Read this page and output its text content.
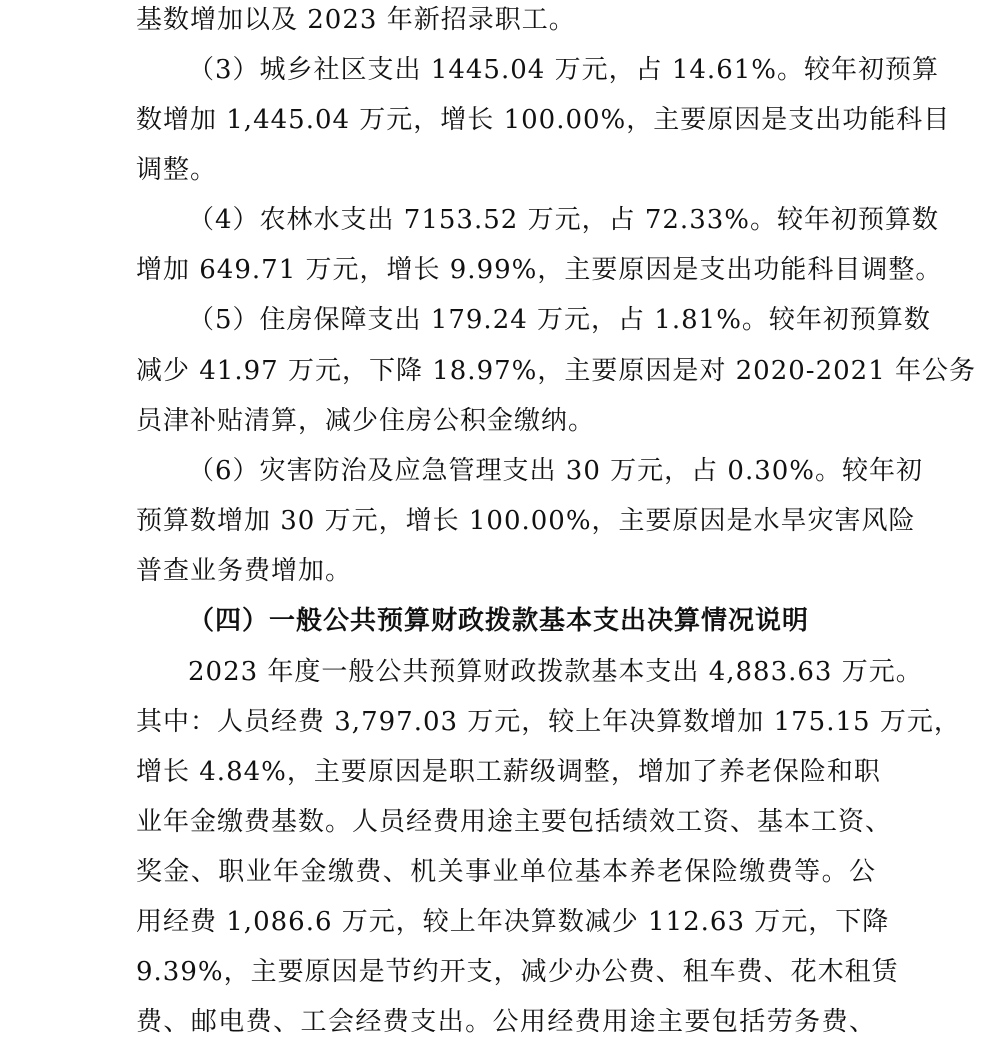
基数增加以及 2023 年新招录职工。
（3）城乡社区支出 1445.04 万元，占 14.61%。较年初预算
数增加 1,445.04 万元，增长 100.00%，主要原因是支出功能科目
调整。
（4）农林水支出 7153.52 万元，占 72.33%。较年初预算数
增加 649.71 万元，增长 9.99%，主要原因是支出功能科目调整。
（5）住房保障支出 179.24 万元，占 1.81%。较年初预算数
减少 41.97 万元，下降 18.97%，主要原因是对 2020-2021 年公务
员津补贴清算，减少住房公积金缴纳。
（6）灾害防治及应急管理支出 30 万元，占 0.30%。较年初
预算数增加 30 万元，增长 100.00%，主要原因是水旱灾害风险
普查业务费增加。
（四）一般公共预算财政拨款基本支出决算情况说明
2023 年度一般公共预算财政拨款基本支出 4,883.63 万元。
其中：人员经费 3,797.03 万元，较上年决算数增加 175.15 万元，
增长 4.84%，主要原因是职工薪级调整，增加了养老保险和职
业年金缴费基数。人员经费用途主要包括绩效工资、基本工资、
奖金、职业年金缴费、机关事业单位基本养老保险缴费等。公
用经费 1,086.6 万元，较上年决算数减少 112.63 万元，下降
9.39%，主要原因是节约开支，减少办公费、租车费、花木租赁
费、邮电费、工会经费支出。公用经费用途主要包括劳务费、
